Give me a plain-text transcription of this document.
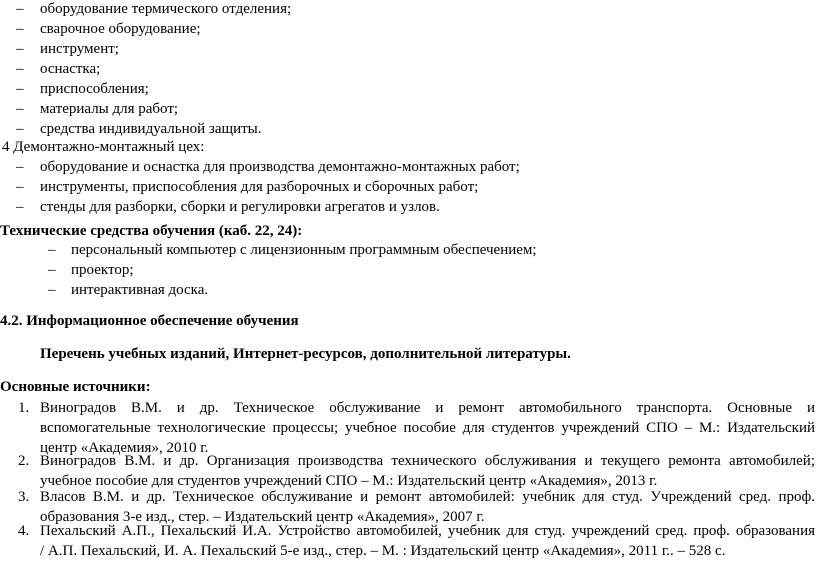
–
оборудование термического отделения;
–
сварочное оборудование;
–
инструмент;
–
оснастка;
–
приспособления;
–
материалы для работ;
–
средства индивидуальной защиты.
4 Демонтажно-монтажный цех:
–
оборудование и оснастка для производства демонтажно-монтажных работ;
–
инструменты, приспособления для разборочных и сборочных работ;
–
стенды для разборки, сборки и регулировки агрегатов и узлов.
Технические средства обучения (каб. 22, 24):
–
персональный компьютер с лицензионным программным обеспечением;
–
проектор;
–
интерактивная доска.
4.2. Информационное обеспечение обучения
Перечень учебных изданий, Интернет-ресурсов, дополнительной литературы.
Основные источники:
1. Виноградов В.М. и др. Техническое обслуживание и ремонт автомобильного транспорта. Основные и
вспомогательные технологические процессы; учебное пособие для студентов учреждений СПО – М.: Издательский
центр «Академия», 2010 г.
2. Виноградов В.М. и др. Организация производства технического обслуживания и текущего ремонта автомобилей;
учебное пособие для студентов учреждений СПО – М.: Издательский центр «Академия», 2013 г.
3. Власов В.М. и др. Техническое обслуживание и ремонт автомобилей: учебник для студ. Учреждений сред. проф.
образования 3-е изд., стер. – Издательский центр «Академия», 2007 г.
4. Пехальский А.П., Пехальский И.А. Устройство автомобилей, учебник для студ. учреждений сред. проф. образования
/ А.П. Пехальский, И. А. Пехальский 5-е изд., стер. – М. : Издательский центр «Академия», 2011 г.. – 528 с.
